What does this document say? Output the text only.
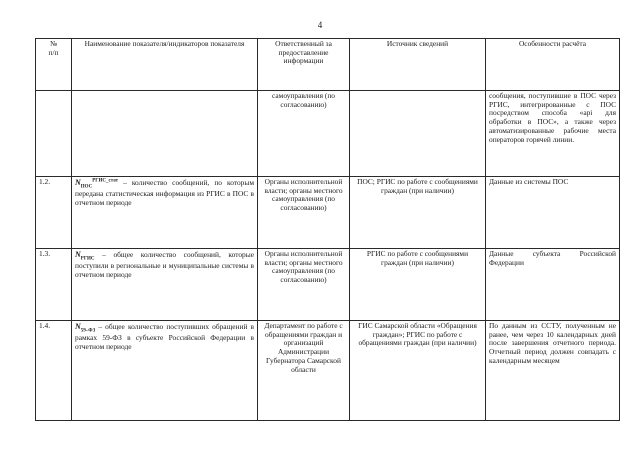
4
№
п/п	Наименование показателя/индикаторов показателя	Ответственный за предоставление информации	Источник сведений	Особенности расчёта
		самоуправления (по согласованию)		сообщения, поступившие в ПОС через РГИС, интегрированные с ПОС посредством способа «api для обработки в ПОС», а также через автоматизированные рабочие места операторов горячей линии.
1.2.	$N_{ПОС}^{РГИС\_стат}$ – количество сообщений, по которым передана статистическая информация из РГИС в ПОС в отчетном периоде	Органы исполнительной власти; органы местного самоуправления (по согласованию)	ПОС; РГИС по работе с сообщениями граждан (при наличии)	Данные из системы ПОС
1.3.	$N_{РГИС}$ – общее количество сообщений, которые поступили в региональные и муниципальные системы в отчетном периоде	Органы исполнительной власти; органы местного самоуправления (по согласованию)	РГИС по работе с сообщениями граждан (при наличии)	Данные субъекта Российской Федерации
1.4.	$N_{59-ФЗ}$ – общее количество поступивших обращений в рамках 59-ФЗ в субъекте Российской Федерации в отчетном периоде	Департамент по работе с обращениями граждан и организаций Администрации Губернатора Самарской области	ГИС Самарской области «Обращения граждан»; РГИС по работе с обращениями граждан (при наличии)	По данным из ССТУ, полученным не ранее, чем через 10 календарных дней после завершения отчетного периода. Отчетный период должен совпадать с календарным месяцем
